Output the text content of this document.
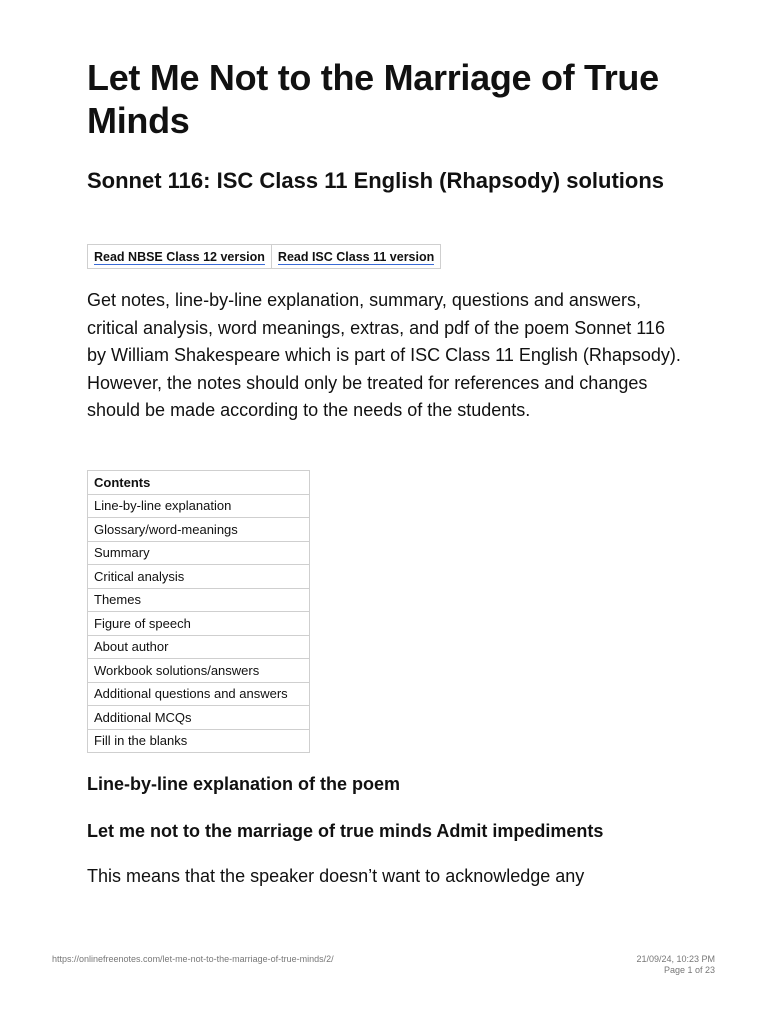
Let Me Not to the Marriage of True Minds
Sonnet 116: ISC Class 11 English (Rhapsody) solutions
Read NBSE Class 12 version	Read ISC Class 11 version

Get notes, line-by-line explanation, summary, questions and answers, critical analysis, word meanings, extras, and pdf of the poem Sonnet 116 by William Shakespeare which is part of ISC Class 11 English (Rhapsody). However, the notes should only be treated for references and changes should be made according to the needs of the students.

Contents
Line-by-line explanation
Glossary/word-meanings
Summary
Critical analysis
Themes
Figure of speech
About author
Workbook solutions/answers
Additional questions and answers
Additional MCQs
Fill in the blanks
Line-by-line explanation of the poem
Let me not to the marriage of true minds Admit impediments

This means that the speaker doesn’t want to acknowledge any

https://onlinefreenotes.com/let-me-not-to-the-marriage-of-true-minds/2/	21/09/24, 10:23 PM
Page 1 of 23
